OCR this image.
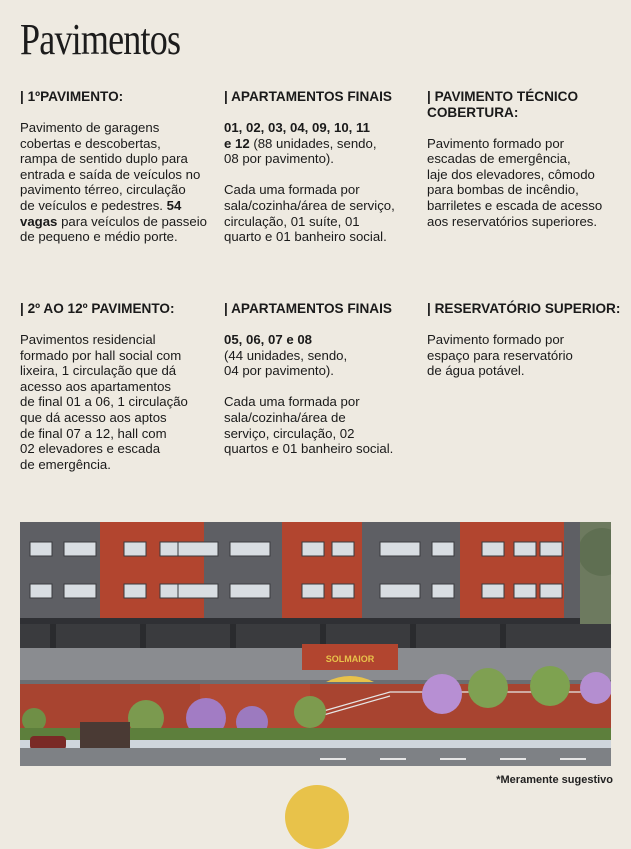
Pavimentos
| 1ºPAVIMENTO:
Pavimento de garagens
cobertas e descobertas,
rampa de sentido duplo para
entrada e saída de veículos no
pavimento térreo, circulação
de veículos e pedestres. 54
vagas para veículos de passeio
de pequeno e médio porte.
| APARTAMENTOS FINAIS
01, 02, 03, 04, 09, 10, 11
e 12 (88 unidades, sendo,
08 por pavimento).
Cada uma formada por
sala/cozinha/área de serviço,
circulação, 01 suíte, 01
quarto e 01 banheiro social.
| PAVIMENTO TÉCNICO
COBERTURA:
Pavimento formado por
escadas de emergência,
laje dos elevadores, cômodo
para bombas de incêndio,
barriletes e escada de acesso
aos reservatórios superiores.
| 2º AO 12º PAVIMENTO:
Pavimentos residencial
formado por hall social com
lixeira, 1 circulação que dá
acesso aos apartamentos
de final 01 a 06, 1 circulação
que dá acesso aos aptos
de final 07 a 12, hall com
02 elevadores e escada
de emergência.
| APARTAMENTOS FINAIS
05, 06, 07 e 08
(44 unidades, sendo,
04 por pavimento).
Cada uma formada por
sala/cozinha/área de
serviço, circulação, 02
quartos e 01 banheiro social.
| RESERVATÓRIO SUPERIOR:
Pavimento formado por
espaço para reservatório
de água potável.
SOLMAIOR
*Meramente sugestivo
